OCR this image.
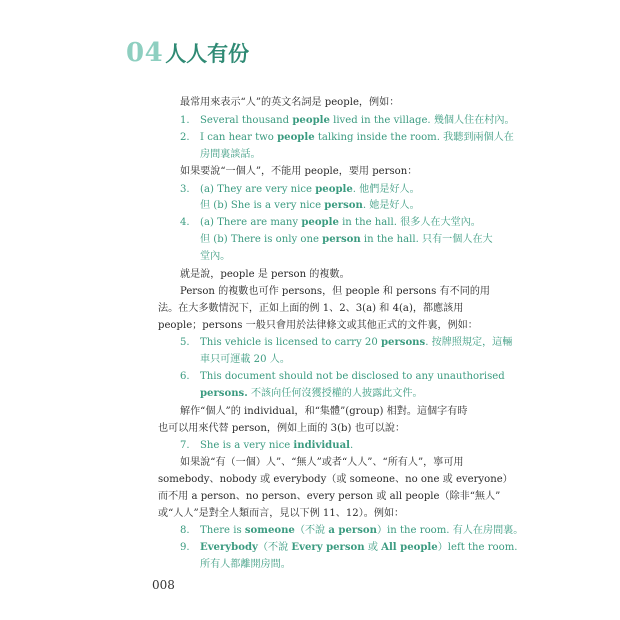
04 人人有份
最常用來表示“人”的英文名詞是 people，例如：
1. Several thousand people lived in the village. 幾個人住在村內。
2. I can hear two people talking inside the room. 我聽到兩個人在
房間裏談話。
如果要說“一個人”，不能用 people，要用 person：
3. (a) They are very nice people. 他們是好人。
但 (b) She is a very nice person. 她是好人。
4. (a) There are many people in the hall. 很多人在大堂內。
但 (b) There is only one person in the hall. 只有一個人在大
堂內。
就是說，people 是 person 的複數。
Person 的複數也可作 persons，但 people 和 persons 有不同的用
法。在大多數情況下，正如上面的例 1、2、3(a) 和 4(a)，都應該用
people；persons 一般只會用於法律條文或其他正式的文件裏，例如：
5. This vehicle is licensed to carry 20 persons. 按牌照規定，這輛
車只可運載 20 人。
6. This document should not be disclosed to any unauthorised
persons. 不該向任何沒獲授權的人披露此文件。
解作“個人”的 individual，和“集體”(group) 相對。這個字有時
也可以用來代替 person，例如上面的 3(b) 也可以說：
7. She is a very nice individual.
如果說“有（一個）人”、“無人”或者“人人”、“所有人”，寧可用
somebody、nobody 或 everybody（或 someone、no one 或 everyone）
而不用 a person、no person、every person 或 all people（除非“無人”
或“人人”是對全人類而言，見以下例 11、12）。例如：
8. There is someone（不說 a person）in the room. 有人在房間裏。
9. Everybody（不說 Every person 或 All people）left the room.
所有人都離開房間。
008
